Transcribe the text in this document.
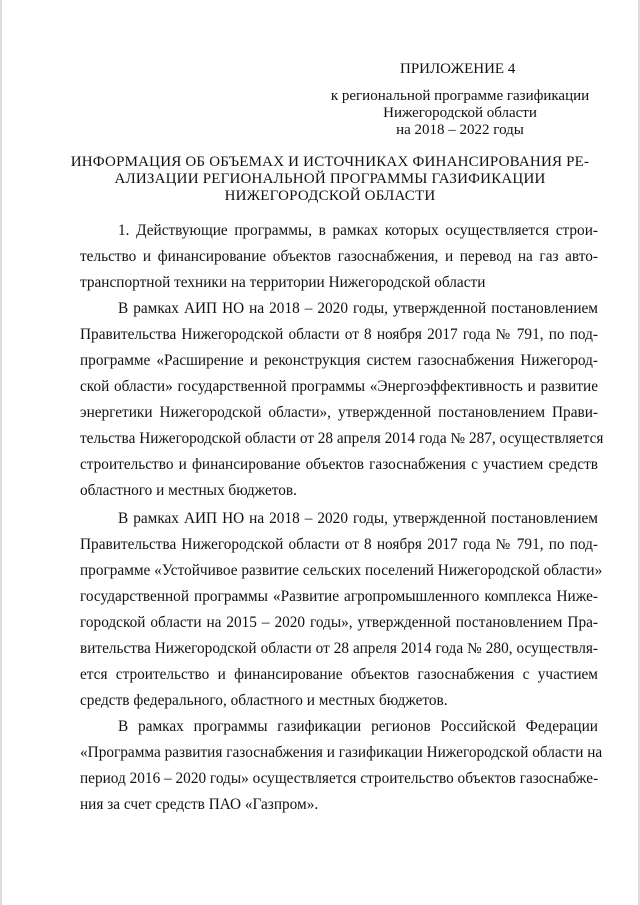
ПРИЛОЖЕНИЕ 4
к региональной программе газификации
Нижегородской области
на 2018 – 2022 годы
ИНФОРМАЦИЯ ОБ ОБЪЕМАХ И ИСТОЧНИКАХ ФИНАНСИРОВАНИЯ РЕ-
АЛИЗАЦИИ РЕГИОНАЛЬНОЙ ПРОГРАММЫ ГАЗИФИКАЦИИ
НИЖЕГОРОДСКОЙ ОБЛАСТИ
1. Действующие программы, в рамках которых осуществляется строи-
тельство и финансирование объектов газоснабжения, и перевод на газ авто-
транспортной техники на территории Нижегородской области
В рамках АИП НО на 2018 – 2020 годы, утвержденной постановлением
Правительства Нижегородской области от 8 ноября 2017 года № 791, по под-
программе «Расширение и реконструкция систем газоснабжения Нижегород-
ской области» государственной программы «Энергоэффективность и развитие
энергетики Нижегородской области», утвержденной постановлением Прави-
тельства Нижегородской области от 28 апреля 2014 года № 287, осуществляется
строительство и финансирование объектов газоснабжения с участием средств
областного и местных бюджетов.
В рамках АИП НО на 2018 – 2020 годы, утвержденной постановлением
Правительства Нижегородской области от 8 ноября 2017 года № 791, по под-
программе «Устойчивое развитие сельских поселений Нижегородской области»
государственной программы «Развитие агропромышленного комплекса Ниже-
городской области на 2015 – 2020 годы», утвержденной постановлением Пра-
вительства Нижегородской области от 28 апреля 2014 года № 280, осуществля-
ется строительство и финансирование объектов газоснабжения с участием
средств федерального, областного и местных бюджетов.
В рамках программы газификации регионов Российской Федерации
«Программа развития газоснабжения и газификации Нижегородской области на
период 2016 – 2020 годы» осуществляется строительство объектов газоснабже-
ния за счет средств ПАО «Газпром».
